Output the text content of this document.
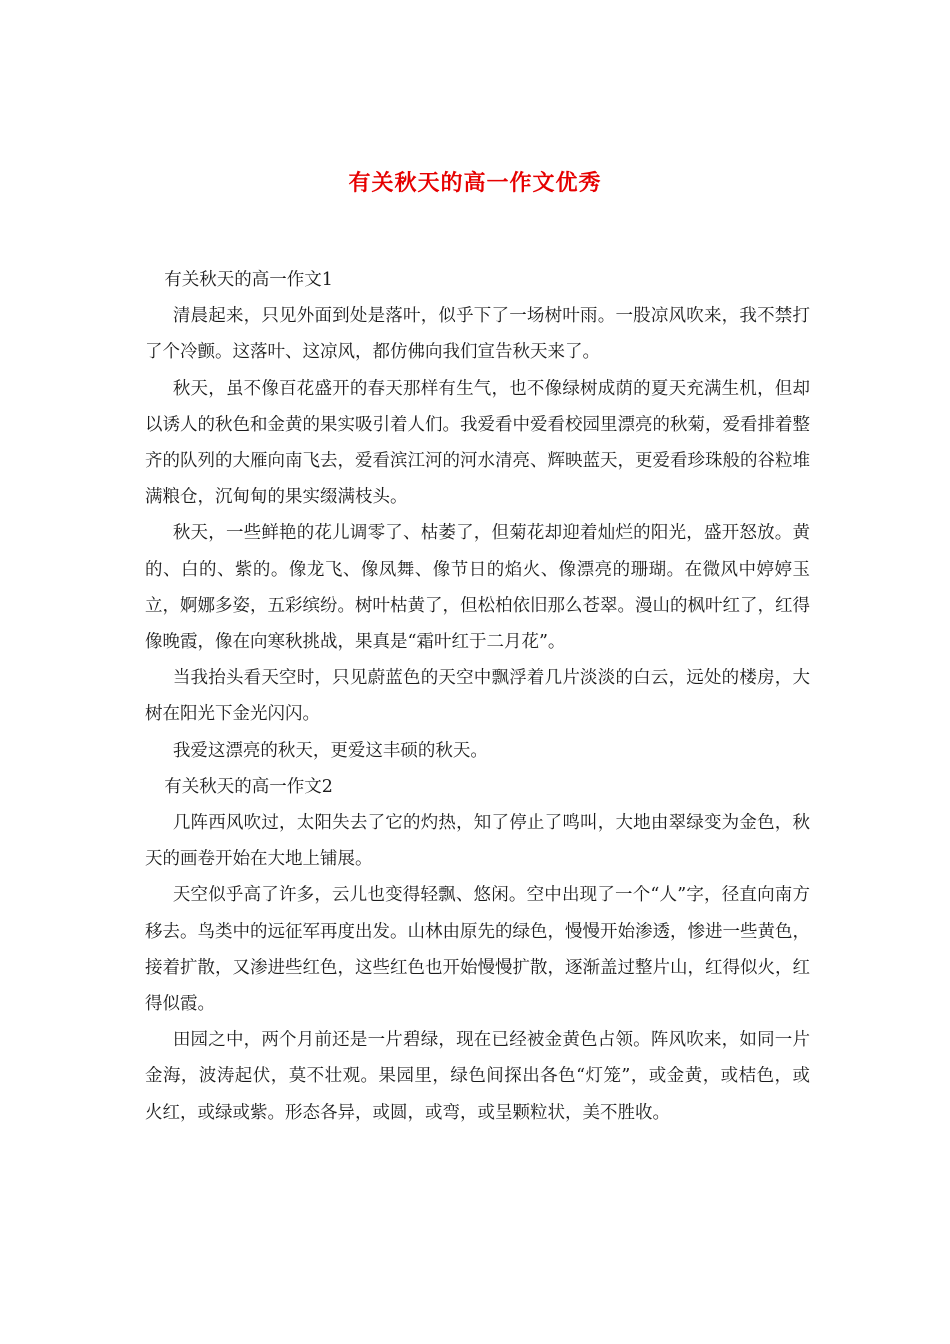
有关秋天的高一作文优秀

有关秋天的高一作文1

清晨起来，只见外面到处是落叶，似乎下了一场树叶雨。一股凉风吹来，我不禁打了个冷颤。这落叶、这凉风，都仿佛向我们宣告秋天来了。

秋天，虽不像百花盛开的春天那样有生气，也不像绿树成荫的夏天充满生机，但却以诱人的秋色和金黄的果实吸引着人们。我爱看中爱看校园里漂亮的秋菊，爱看排着整齐的队列的大雁向南飞去，爱看滨江河的河水清亮、辉映蓝天，更爱看珍珠般的谷粒堆满粮仓，沉甸甸的果实缀满枝头。

秋天，一些鲜艳的花儿调零了、枯萎了，但菊花却迎着灿烂的阳光，盛开怒放。黄的、白的、紫的。像龙飞、像凤舞、像节日的焰火、像漂亮的珊瑚。在微风中婷婷玉立，婀娜多姿，五彩缤纷。树叶枯黄了，但松柏依旧那么苍翠。漫山的枫叶红了，红得像晚霞，像在向寒秋挑战，果真是“霜叶红于二月花”。

当我抬头看天空时，只见蔚蓝色的天空中飘浮着几片淡淡的白云，远处的楼房，大树在阳光下金光闪闪。

我爱这漂亮的秋天，更爱这丰硕的秋天。

有关秋天的高一作文2

几阵西风吹过，太阳失去了它的灼热，知了停止了鸣叫，大地由翠绿变为金色，秋天的画卷开始在大地上铺展。

天空似乎高了许多，云儿也变得轻飘、悠闲。空中出现了一个“人”字，径直向南方移去。鸟类中的远征军再度出发。山林由原先的绿色，慢慢开始渗透，惨进一些黄色，接着扩散，又渗进些红色，这些红色也开始慢慢扩散，逐渐盖过整片山，红得似火，红得似霞。

田园之中，两个月前还是一片碧绿，现在已经被金黄色占领。阵风吹来，如同一片金海，波涛起伏，莫不壮观。果园里，绿色间探出各色“灯笼”，或金黄，或桔色，或火红，或绿或紫。形态各异，或圆，或弯，或呈颗粒状，美不胜收。
